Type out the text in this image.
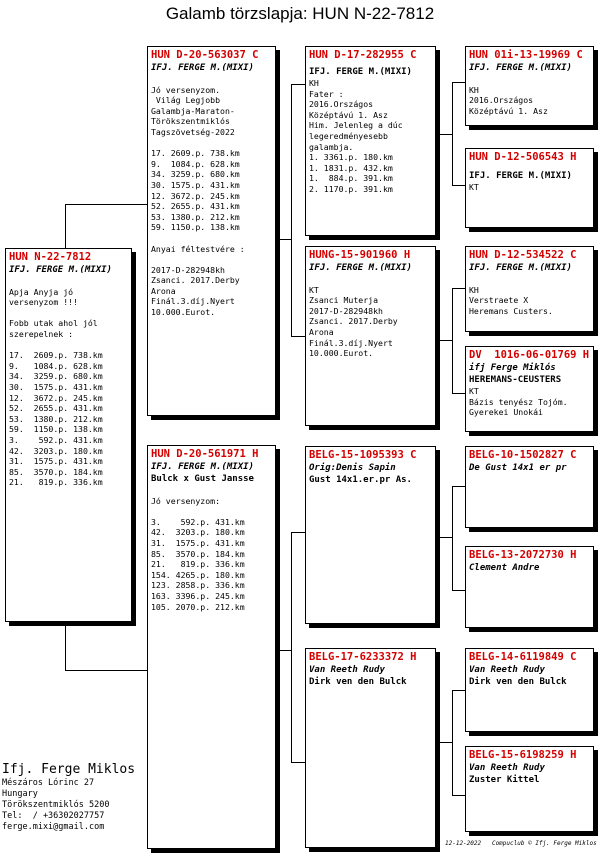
Galamb törzslapja: HUN N-22-7812
HUN N-22-7812
IFJ. FERGE M.(MIXI)

Apja Anyja jó
versenyzom !!!

Fobb utak ahol jól
szerepelnek :

17.  2609.p. 738.km
9.   1084.p. 628.km
34.  3259.p. 680.km
30.  1575.p. 431.km
12.  3672.p. 245.km
52.  2655.p. 431.km
53.  1380.p. 212.km
59.  1150.p. 138.km
3.    592.p. 431.km
42.  3203.p. 180.km
31.  1575.p. 431.km
85.  3570.p. 184.km
21.   819.p. 336.km
HUN D-20-563037 C
IFJ. FERGE M.(MIXI)

Jó versenyzom.
Világ Legjobb
Galambja-Maraton-
Törökszentmiklós
Tagszövetség-2022

17. 2609.p. 738.km
9.  1084.p. 628.km
34. 3259.p. 680.km
30. 1575.p. 431.km
12. 3672.p. 245.km
52. 2655.p. 431.km
53. 1380.p. 212.km
59. 1150.p. 138.km

Anyai féltestvére :

2017-D-282948kh
Zsanci. 2017.Derby
Arona
Finál.3.díj.Nyert
10.000.Eurot.
HUN D-20-561971 H
IFJ. FERGE M.(MIXI)
Bulck x Gust Jansse

Jó versenyzom:

3.    592.p. 431.km
42.  3203.p. 180.km
31.  1575.p. 431.km
85.  3570.p. 184.km
21.   819.p. 336.km
154. 4265.p. 180.km
123. 2858.p. 336.km
163. 3396.p. 245.km
105. 2070.p. 212.km
HUN D-17-282955 C
IFJ. FERGE M.(MIXI)
KH
Fater :
2016.Országos
Középtávú 1. Asz
Him. Jelenleg a dúc
legeredményesebb
galambja.
1. 3361.p. 180.km
1. 1831.p. 432.km
1.  884.p. 391.km
2. 1170.p. 391.km
HUNG-15-901960 H
IFJ. FERGE M.(MIXI)

KT
Zsanci Muterja
2017-D-282948kh
Zsanci. 2017.Derby
Arona
Finál.3.díj.Nyert
10.000.Eurot.
BELG-15-1095393 C
Orig:Denis Sapin
Gust 14x1.er.pr As.
BELG-17-6233372 H
Van Reeth Rudy
Dirk ven den Bulck
HUN 01i-13-19969 C
IFJ. FERGE M.(MIXI)

KH
2016.Országos
Középtávú 1. Asz
HUN D-12-506543 H
IFJ. FERGE M.(MIXI)
KT
HUN D-12-534522 C
IFJ. FERGE M.(MIXI)

KH
Verstraete X
Heremans Custers.
DV  1016-06-01769 H
ifj Ferge Miklós
HEREMANS-CEUSTERS
KT
Bázis tenyész Tojóm.
Gyerekei Unokái
BELG-10-1502827 C
De Gust 14x1 er pr
BELG-13-2072730 H
Clement Andre
BELG-14-6119849 C
Van Reeth Rudy
Dirk ven den Bulck
BELG-15-6198259 H
Van Reeth Rudy
Zuster Kittel
Ifj. Ferge Miklos
Mészáros Lórinc 27
Hungary
Törökszentmiklós 5200
Tel:  / +36302027757
ferge.mixi@gmail.com
12-12-2022   Compuclub © Ifj. Ferge Miklos
